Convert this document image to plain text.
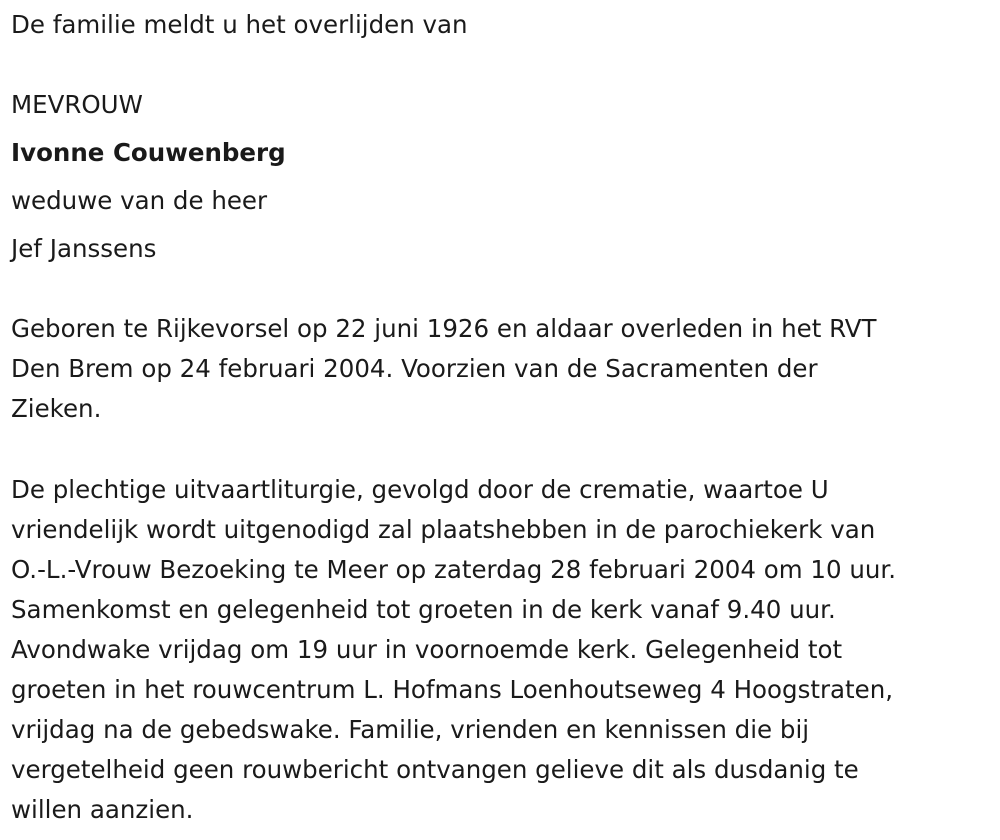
De familie meldt u het overlijden van
MEVROUW
Ivonne Couwenberg
weduwe van de heer
Jef Janssens
Geboren te Rijkevorsel op 22 juni 1926 en aldaar overleden in het RVT
Den Brem op 24 februari 2004. Voorzien van de Sacramenten der
Zieken.
De plechtige uitvaartliturgie, gevolgd door de crematie, waartoe U
vriendelijk wordt uitgenodigd zal plaatshebben in de parochiekerk van
O.-L.-Vrouw Bezoeking te Meer op zaterdag 28 februari 2004 om 10 uur.
Samenkomst en gelegenheid tot groeten in de kerk vanaf 9.40 uur.
Avondwake vrijdag om 19 uur in voornoemde kerk. Gelegenheid tot
groeten in het rouwcentrum L. Hofmans Loenhoutseweg 4 Hoogstraten,
vrijdag na de gebedswake. Familie, vrienden en kennissen die bij
vergetelheid geen rouwbericht ontvangen gelieve dit als dusdanig te
willen aanzien.
